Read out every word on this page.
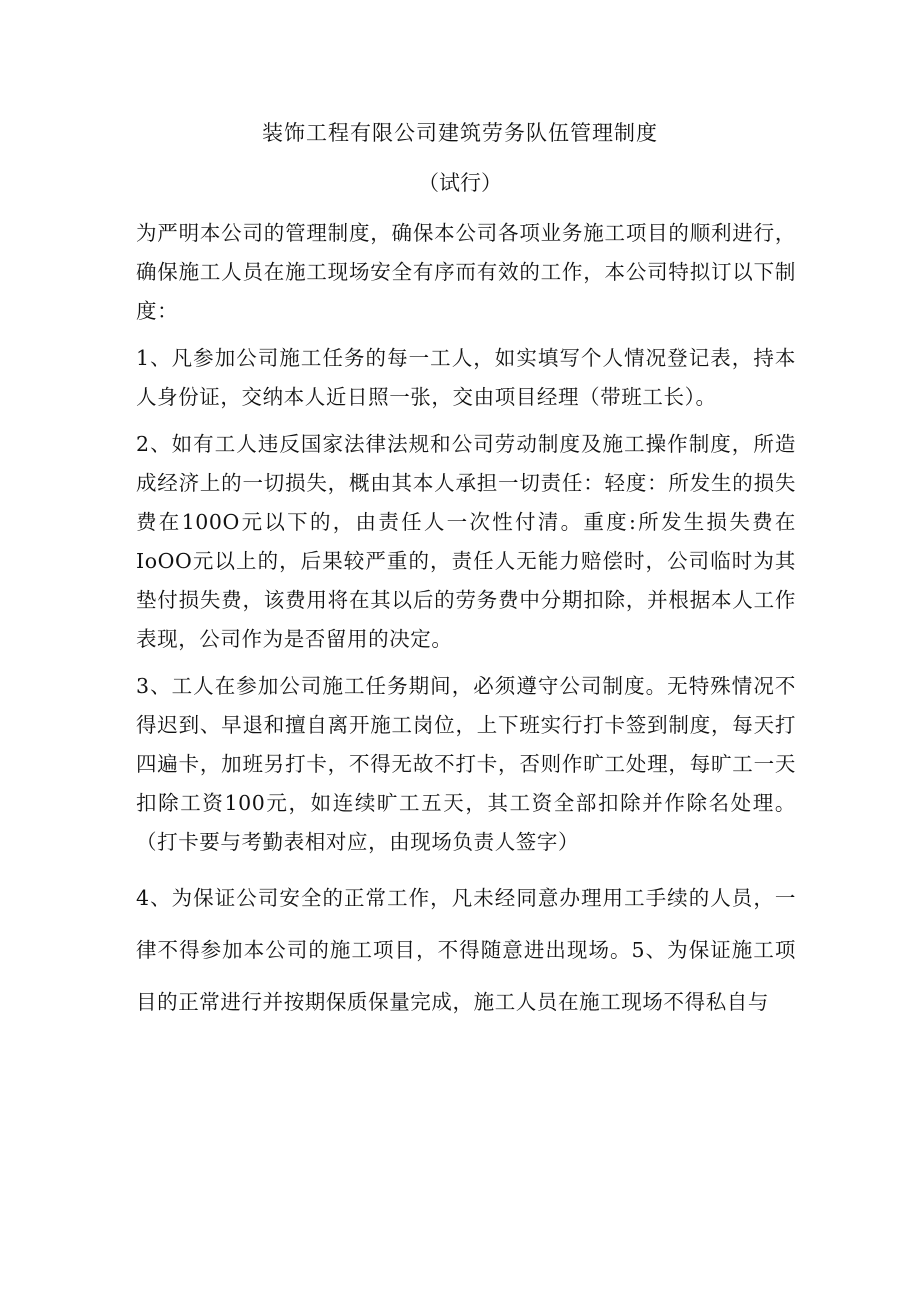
装饰工程有限公司建筑劳务队伍管理制度
（试行）

为严明本公司的管理制度，确保本公司各项业务施工项目的顺利进行，确保施工人员在施工现场安全有序而有效的工作，本公司特拟订以下制度：

1、凡参加公司施工任务的每一工人，如实填写个人情况登记表，持本人身份证，交纳本人近日照一张，交由项目经理（带班工长）。

2、如有工人违反国家法律法规和公司劳动制度及施工操作制度，所造成经济上的一切损失，概由其本人承担一切责任：轻度：所发生的损失费在100O元以下的，由责任人一次性付清。重度:所发生损失费在IoOO元以上的，后果较严重的，责任人无能力赔偿时，公司临时为其垫付损失费，该费用将在其以后的劳务费中分期扣除，并根据本人工作表现，公司作为是否留用的决定。

3、工人在参加公司施工任务期间，必须遵守公司制度。无特殊情况不得迟到、早退和擅自离开施工岗位，上下班实行打卡签到制度，每天打四遍卡，加班另打卡，不得无故不打卡，否则作旷工处理，每旷工一天扣除工资100元，如连续旷工五天，其工资全部扣除并作除名处理。（打卡要与考勤表相对应，由现场负责人签字）

4、为保证公司安全的正常工作，凡未经同意办理用工手续的人员，一律不得参加本公司的施工项目，不得随意进出现场。5、为保证施工项目的正常进行并按期保质保量完成，施工人员在施工现场不得私自与
